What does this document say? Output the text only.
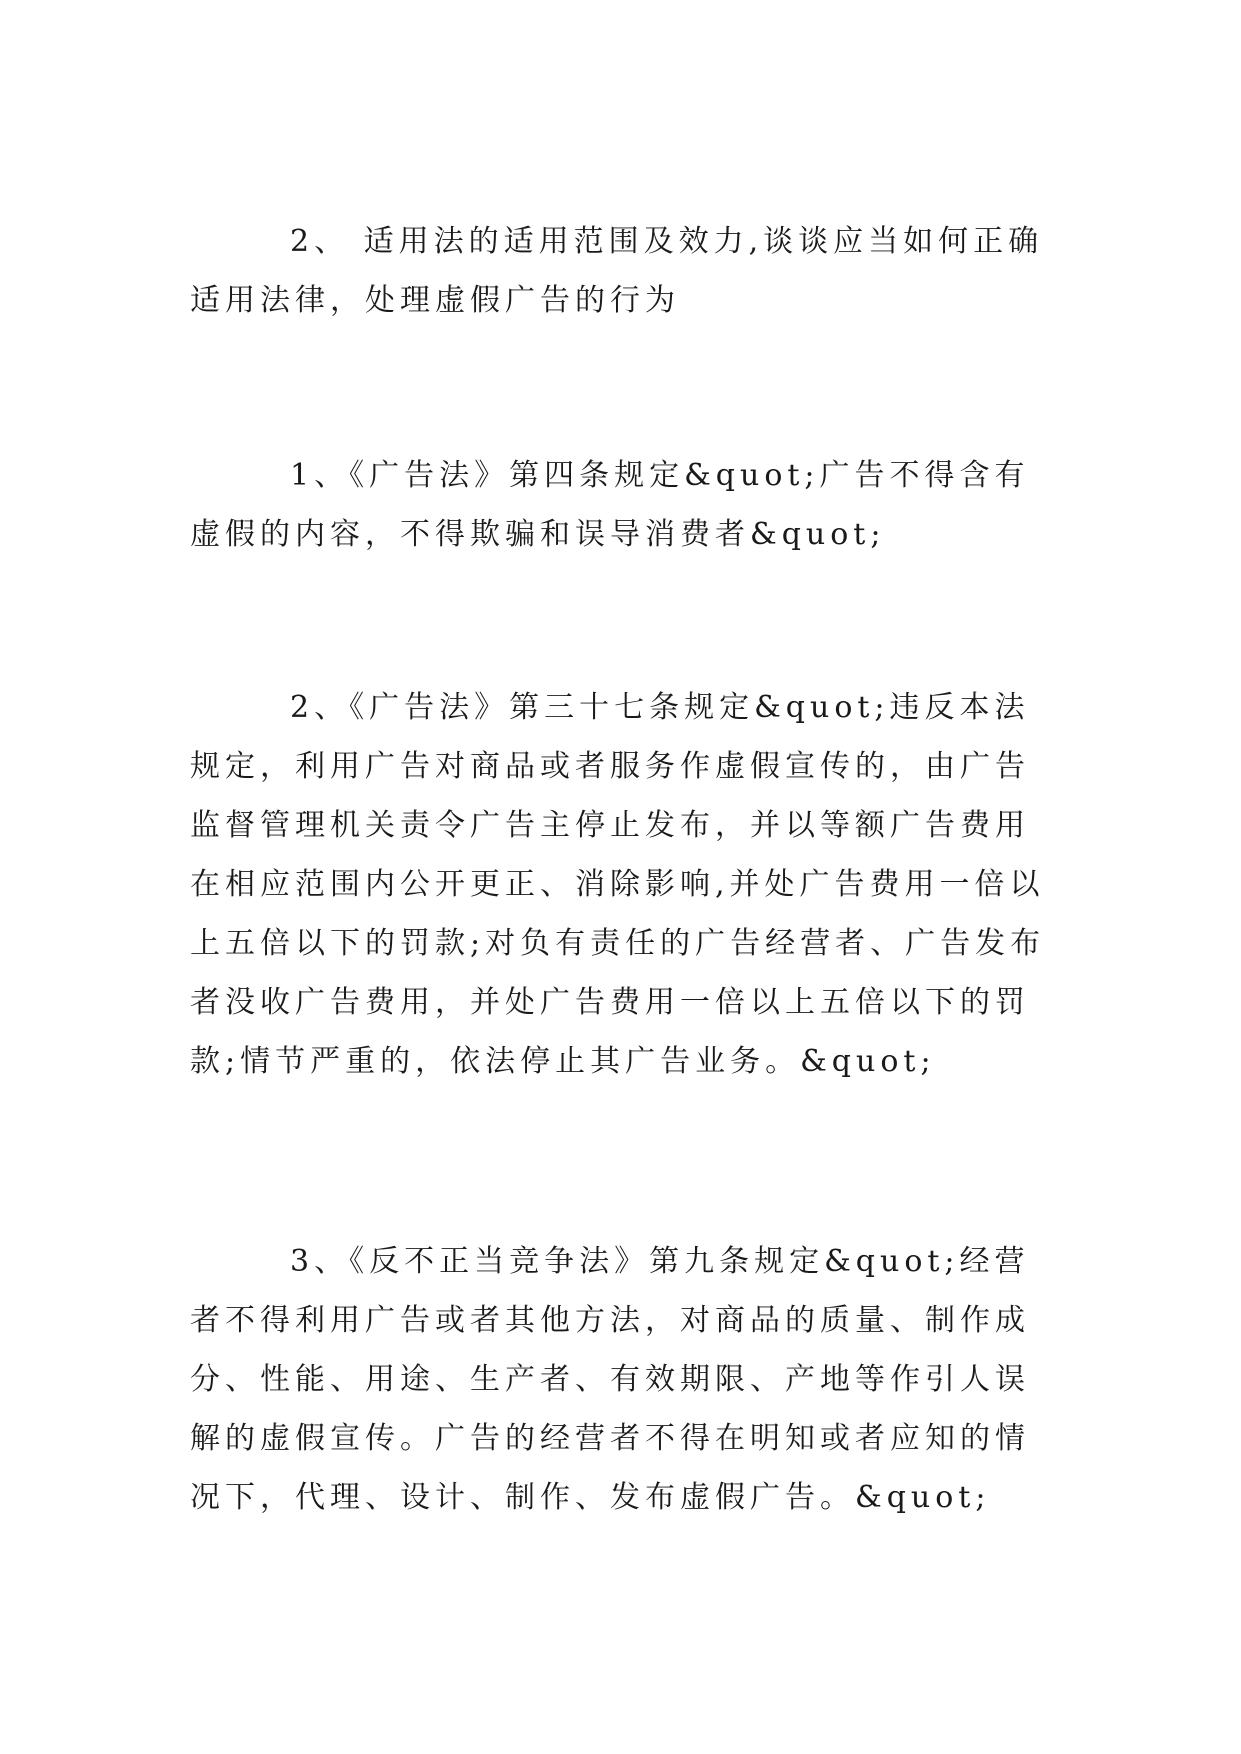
2、 适用法的适用范围及效力,谈谈应当如何正确适用法律，处理虚假广告的行为

1、《广告法》第四条规定&quot;广告不得含有虚假的内容，不得欺骗和误导消费者&quot;

2、《广告法》第三十七条规定&quot;违反本法规定，利用广告对商品或者服务作虚假宣传的，由广告监督管理机关责令广告主停止发布，并以等额广告费用在相应范围内公开更正、消除影响,并处广告费用一倍以上五倍以下的罚款;对负有责任的广告经营者、广告发布者没收广告费用，并处广告费用一倍以上五倍以下的罚款;情节严重的，依法停止其广告业务。&quot;

3、《反不正当竞争法》第九条规定&quot;经营者不得利用广告或者其他方法，对商品的质量、制作成分、性能、用途、生产者、有效期限、产地等作引人误解的虚假宣传。广告的经营者不得在明知或者应知的情况下，代理、设计、制作、发布虚假广告。&quot;
